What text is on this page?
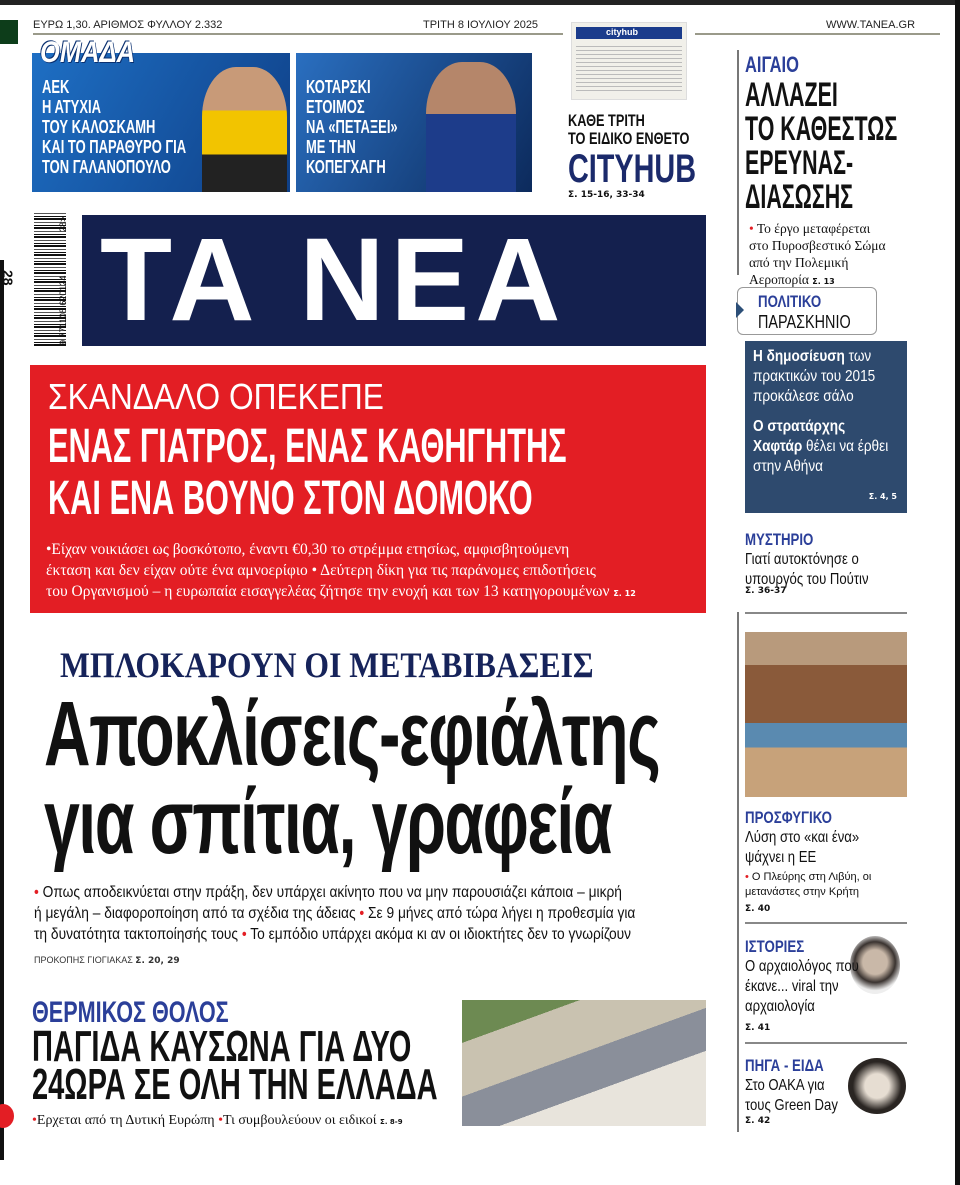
ΕΥΡΩ 1,30. ΑΡΙΘΜΟΣ ΦΥΛΛΟΥ 2.332	ΤΡΙΤΗ 8 ΙΟΥΛΙΟΥ 2025	WWW.TANEA.GR
ΑΕΚ
Η ΑΤΥΧΙΑ
ΤΟΥ ΚΑΛΟΣΚΑΜΗ
ΚΑΙ ΤΟ ΠΑΡΑΘΥΡΟ ΓΙΑ
ΤΟΝ ΓΑΛΑΝΟΠΟΥΛΟ
ΚΟΤΑΡΣΚΙ
ΕΤΟΙΜΟΣ
ΝΑ «ΠΕΤΑΞΕΙ»
ΜΕ ΤΗΝ
ΚΟΠΕΓΧΑΓΗ
ΟΜΑΔΑ
cityhub
ΚΑΘΕ ΤΡΙΤΗ
ΤΟ ΕΙΔΙΚΟ ΕΝΘΕΤΟ
CITYHUB
Σ. 15-16, 33-34
28	9 771108 620124
28> ΤΑ ΝΕΑ
ΣΚΑΝΔΑΛΟ ΟΠΕΚΕΠΕ
ΕΝΑΣ ΓΙΑΤΡΟΣ, ΕΝΑΣ ΚΑΘΗΓΗΤΗΣ
ΚΑΙ ΕΝΑ ΒΟΥΝΟ ΣΤΟΝ ΔΟΜΟΚΟ
•Είχαν νοικιάσει ως βοσκότοπο, έναντι €0,30 το στρέμμα ετησίως, αμφισβητούμενη
έκταση και δεν είχαν ούτε ένα αμνοερίφιο • Δεύτερη δίκη για τις παράνομες επιδοτήσεις
του Οργανισμού – η ευρωπαία εισαγγελέας ζήτησε την ενοχή και των 13 κατηγορουμένων Σ. 12
ΜΠΛΟΚΑΡΟΥΝ ΟΙ ΜΕΤΑΒΙΒΑΣΕΙΣ
Αποκλίσεις-εφιάλτης
για σπίτια, γραφεία
• Οπως αποδεικνύεται στην πράξη, δεν υπάρχει ακίνητο που να μην παρουσιάζει κάποια – μικρή
ή μεγάλη – διαφοροποίηση από τα σχέδια της άδειας • Σε 9 μήνες από τώρα λήγει η προθεσμία για
τη δυνατότητα τακτοποίησής τους • Το εμπόδιο υπάρχει ακόμα κι αν οι ιδιοκτήτες δεν το γνωρίζουν
ΠΡΟΚΟΠΗΣ ΓΙΟΓΙΑΚΑΣ Σ. 20, 29
ΘΕΡΜΙΚΟΣ ΘΟΛΟΣ
ΠΑΓΙΔΑ ΚΑΥΣΩΝΑ ΓΙΑ ΔΥΟ
24ΩΡΑ ΣΕ ΟΛΗ ΤΗΝ ΕΛΛΑΔΑ
•Ερχεται από τη Δυτική Ευρώπη •Τι συμβουλεύουν οι ειδικοί Σ. 8-9
ΑΙΓΑΙΟ
ΑΛΛΑΖΕΙ
ΤΟ ΚΑΘΕΣΤΩΣ
ΕΡΕΥΝΑΣ-
ΔΙΑΣΩΣΗΣ
• Το έργο μεταφέρεται
στο Πυροσβεστικό Σώμα
από την Πολεμική
Αεροπορία Σ. 13
ΠΟΛΙΤΙΚΟ
ΠΑΡΑΣΚΗΝΙΟ
Η δημοσίευση των πρακτικών του 2015 προκάλεσε σάλο
Ο στρατάρχης Χαφτάρ θέλει να έρθει στην Αθήνα
Σ. 4, 5
ΜΥΣΤΗΡΙΟ
Γιατί αυτοκτόνησε ο υπουργός του Πούτιν
Σ. 36-37
ΠΡΟΣΦΥΓΙΚΟ
Λύση στο «και ένα» ψάχνει η ΕΕ
• Ο Πλεύρης στη Λιβύη, οι μετανάστες στην Κρήτη
Σ. 40
ΙΣΤΟΡΙΕΣ
Ο αρχαιολόγος που έκανε... viral την αρχαιολογία
Σ. 41
ΠΗΓΑ - ΕΙΔΑ
Στο ΟΑΚΑ για τους Green Day
Σ. 42
